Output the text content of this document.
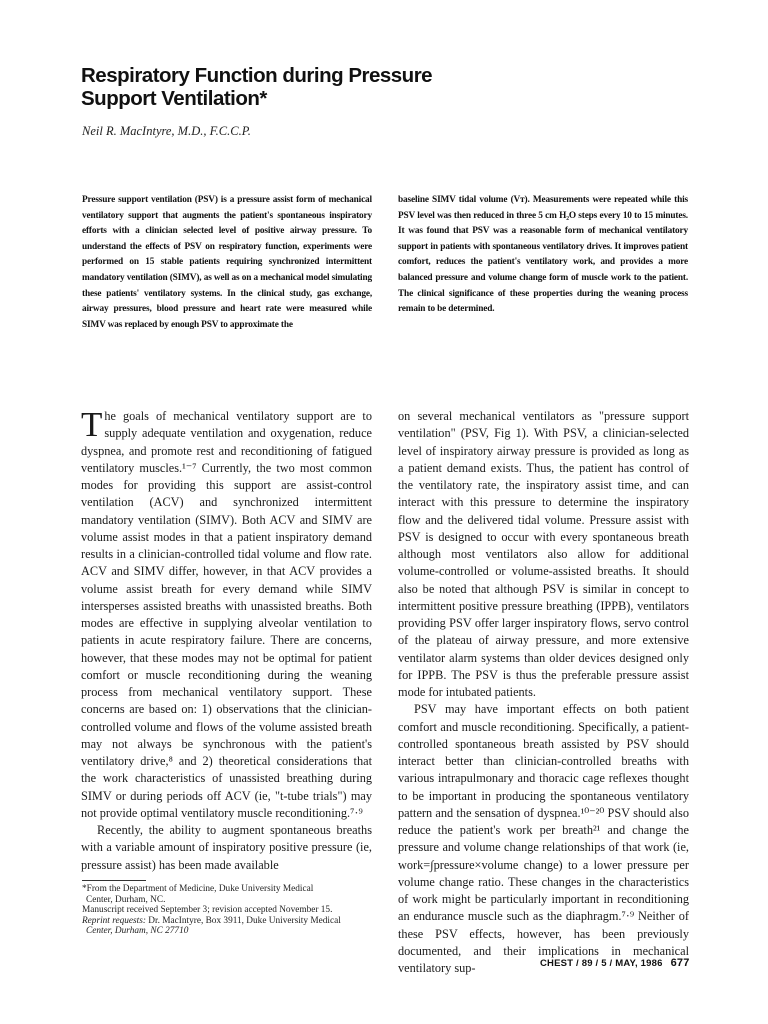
Respiratory Function during Pressure
Support Ventilation*
Neil R. MacIntyre, M.D., F.C.C.P.

Pressure support ventilation (PSV) is a pressure assist form of mechanical ventilatory support that augments the patient's spontaneous inspiratory efforts with a clinician selected level of positive airway pressure. To understand the effects of PSV on respiratory function, experiments were performed on 15 stable patients requiring synchronized intermittent mandatory ventilation (SIMV), as well as on a mechanical model simulating these patients' ventilatory systems. In the clinical study, gas exchange, airway pressures, blood pressure and heart rate were measured while SIMV was replaced by enough PSV to approximate the

baseline SIMV tidal volume (Vт). Measurements were repeated while this PSV level was then reduced in three 5 cm H₂O steps every 10 to 15 minutes. It was found that PSV was a reasonable form of mechanical ventilatory support in patients with spontaneous ventilatory drives. It improves patient comfort, reduces the patient's ventilatory work, and provides a more balanced pressure and volume change form of muscle work to the patient. The clinical significance of these properties during the weaning process remain to be determined.

The goals of mechanical ventilatory support are to supply adequate ventilation and oxygenation, reduce dyspnea, and promote rest and reconditioning of fatigued ventilatory muscles.¹⁻⁷ Currently, the two most common modes for providing this support are assist-control ventilation (ACV) and synchronized intermittent mandatory ventilation (SIMV). Both ACV and SIMV are volume assist modes in that a patient inspiratory demand results in a clinician-controlled tidal volume and flow rate. ACV and SIMV differ, however, in that ACV provides a volume assist breath for every demand while SIMV intersperses assisted breaths with unassisted breaths. Both modes are effective in supplying alveolar ventilation to patients in acute respiratory failure. There are concerns, however, that these modes may not be optimal for patient comfort or muscle reconditioning during the weaning process from mechanical ventilatory support. These concerns are based on: 1) observations that the clinician-controlled volume and flows of the volume assisted breath may not always be synchronous with the patient's ventilatory drive,⁸ and 2) theoretical considerations that the work characteristics of unassisted breathing during SIMV or during periods off ACV (ie, "t-tube trials") may not provide optimal ventilatory muscle reconditioning.⁷·⁹

Recently, the ability to augment spontaneous breaths with a variable amount of inspiratory positive pressure (ie, pressure assist) has been made available

on several mechanical ventilators as "pressure support ventilation" (PSV, Fig 1). With PSV, a clinician-selected level of inspiratory airway pressure is provided as long as a patient demand exists. Thus, the patient has control of the ventilatory rate, the inspiratory assist time, and can interact with this pressure to determine the inspiratory flow and the delivered tidal volume. Pressure assist with PSV is designed to occur with every spontaneous breath although most ventilators also allow for additional volume-controlled or volume-assisted breaths. It should also be noted that although PSV is similar in concept to intermittent positive pressure breathing (IPPB), ventilators providing PSV offer larger inspiratory flows, servo control of the plateau of airway pressure, and more extensive ventilator alarm systems than older devices designed only for IPPB. The PSV is thus the preferable pressure assist mode for intubated patients.

PSV may have important effects on both patient comfort and muscle reconditioning. Specifically, a patient-controlled spontaneous breath assisted by PSV should interact better than clinician-controlled breaths with various intrapulmonary and thoracic cage reflexes thought to be important in producing the spontaneous ventilatory pattern and the sensation of dyspnea.¹⁰⁻²⁰ PSV should also reduce the patient's work per breath²¹ and change the pressure and volume change relationships of that work (ie, work=∫pressure×volume change) to a lower pressure per volume change ratio. These changes in the characteristics of work might be particularly important in reconditioning an endurance muscle such as the diaphragm.⁷·⁹ Neither of these PSV effects, however, has been previously documented, and their implications in mechanical ventilatory sup-

*From the Department of Medicine, Duke University Medical

Center, Durham, NC.

Manuscript received September 3; revision accepted November 15.

Reprint requests: Dr. MacIntyre, Box 3911, Duke University Medical

Center, Durham, NC 27710

CHEST / 89 / 5 / MAY, 1986 677
